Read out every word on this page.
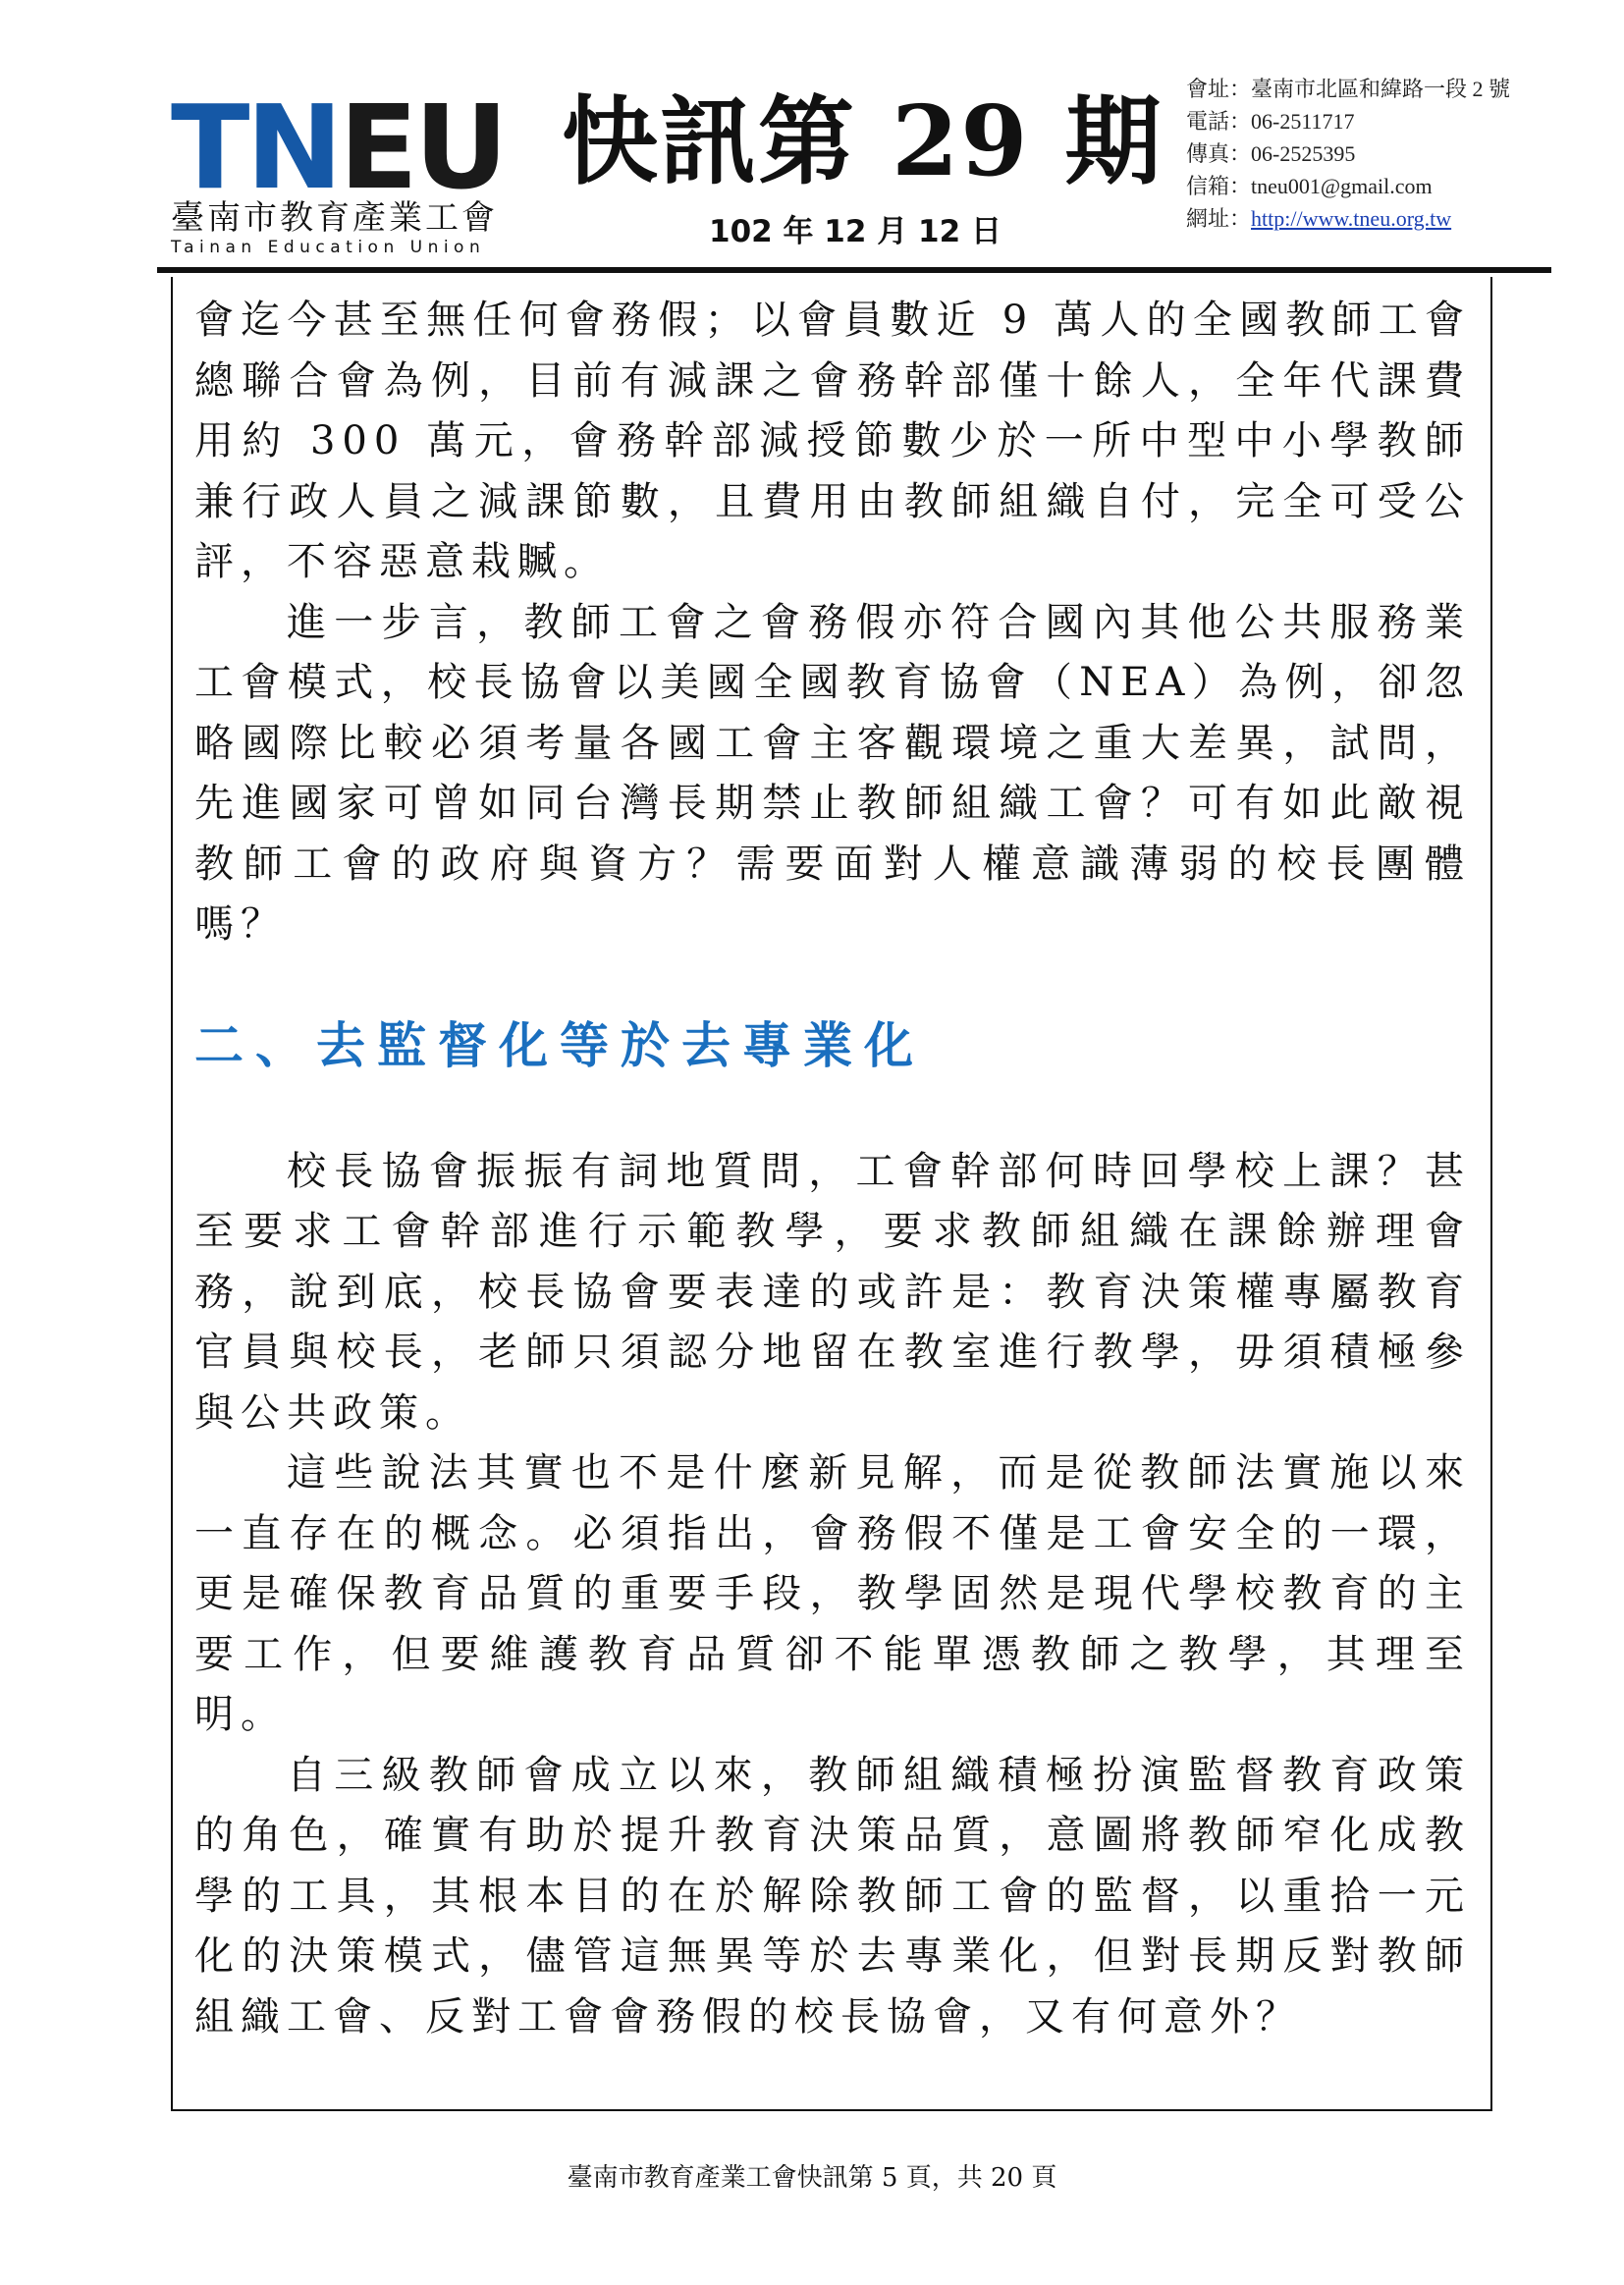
TNEU
臺南市教育產業工會
Tainan Education Union
快訊第 29 期
102 年 12 月 12 日
會址：臺南市北區和緯路一段 2 號
電話：06-2511717
傳真：06-2525395
信箱：tneu001@gmail.com
網址：http://www.tneu.org.tw

會迄今甚至無任何會務假；以會員數近 9 萬人的全國教師工會總聯合會為例，目前有減課之會務幹部僅十餘人，全年代課費用約 300 萬元，會務幹部減授節數少於一所中型中小學教師兼行政人員之減課節數，且費用由教師組織自付，完全可受公評，不容惡意栽贓。

進一步言，教師工會之會務假亦符合國內其他公共服務業工會模式，校長協會以美國全國教育協會（NEA）為例，卻忽略國際比較必須考量各國工會主客觀環境之重大差異，試問，先進國家可曾如同台灣長期禁止教師組織工會？可有如此敵視教師工會的政府與資方？需要面對人權意識薄弱的校長團體嗎？

二、去監督化等於去專業化

校長協會振振有詞地質問，工會幹部何時回學校上課？甚至要求工會幹部進行示範教學，要求教師組織在課餘辦理會務，說到底，校長協會要表達的或許是：教育決策權專屬教育官員與校長，老師只須認分地留在教室進行教學，毋須積極參與公共政策。

這些說法其實也不是什麼新見解，而是從教師法實施以來一直存在的概念。必須指出，會務假不僅是工會安全的一環，更是確保教育品質的重要手段，教學固然是現代學校教育的主要工作，但要維護教育品質卻不能單憑教師之教學，其理至明。

自三級教師會成立以來，教師組織積極扮演監督教育政策的角色，確實有助於提升教育決策品質，意圖將教師窄化成教學的工具，其根本目的在於解除教師工會的監督，以重拾一元化的決策模式，儘管這無異等於去專業化，但對長期反對教師組織工會、反對工會會務假的校長協會，又有何意外？

臺南市教育產業工會快訊第 5 頁，共 20 頁
